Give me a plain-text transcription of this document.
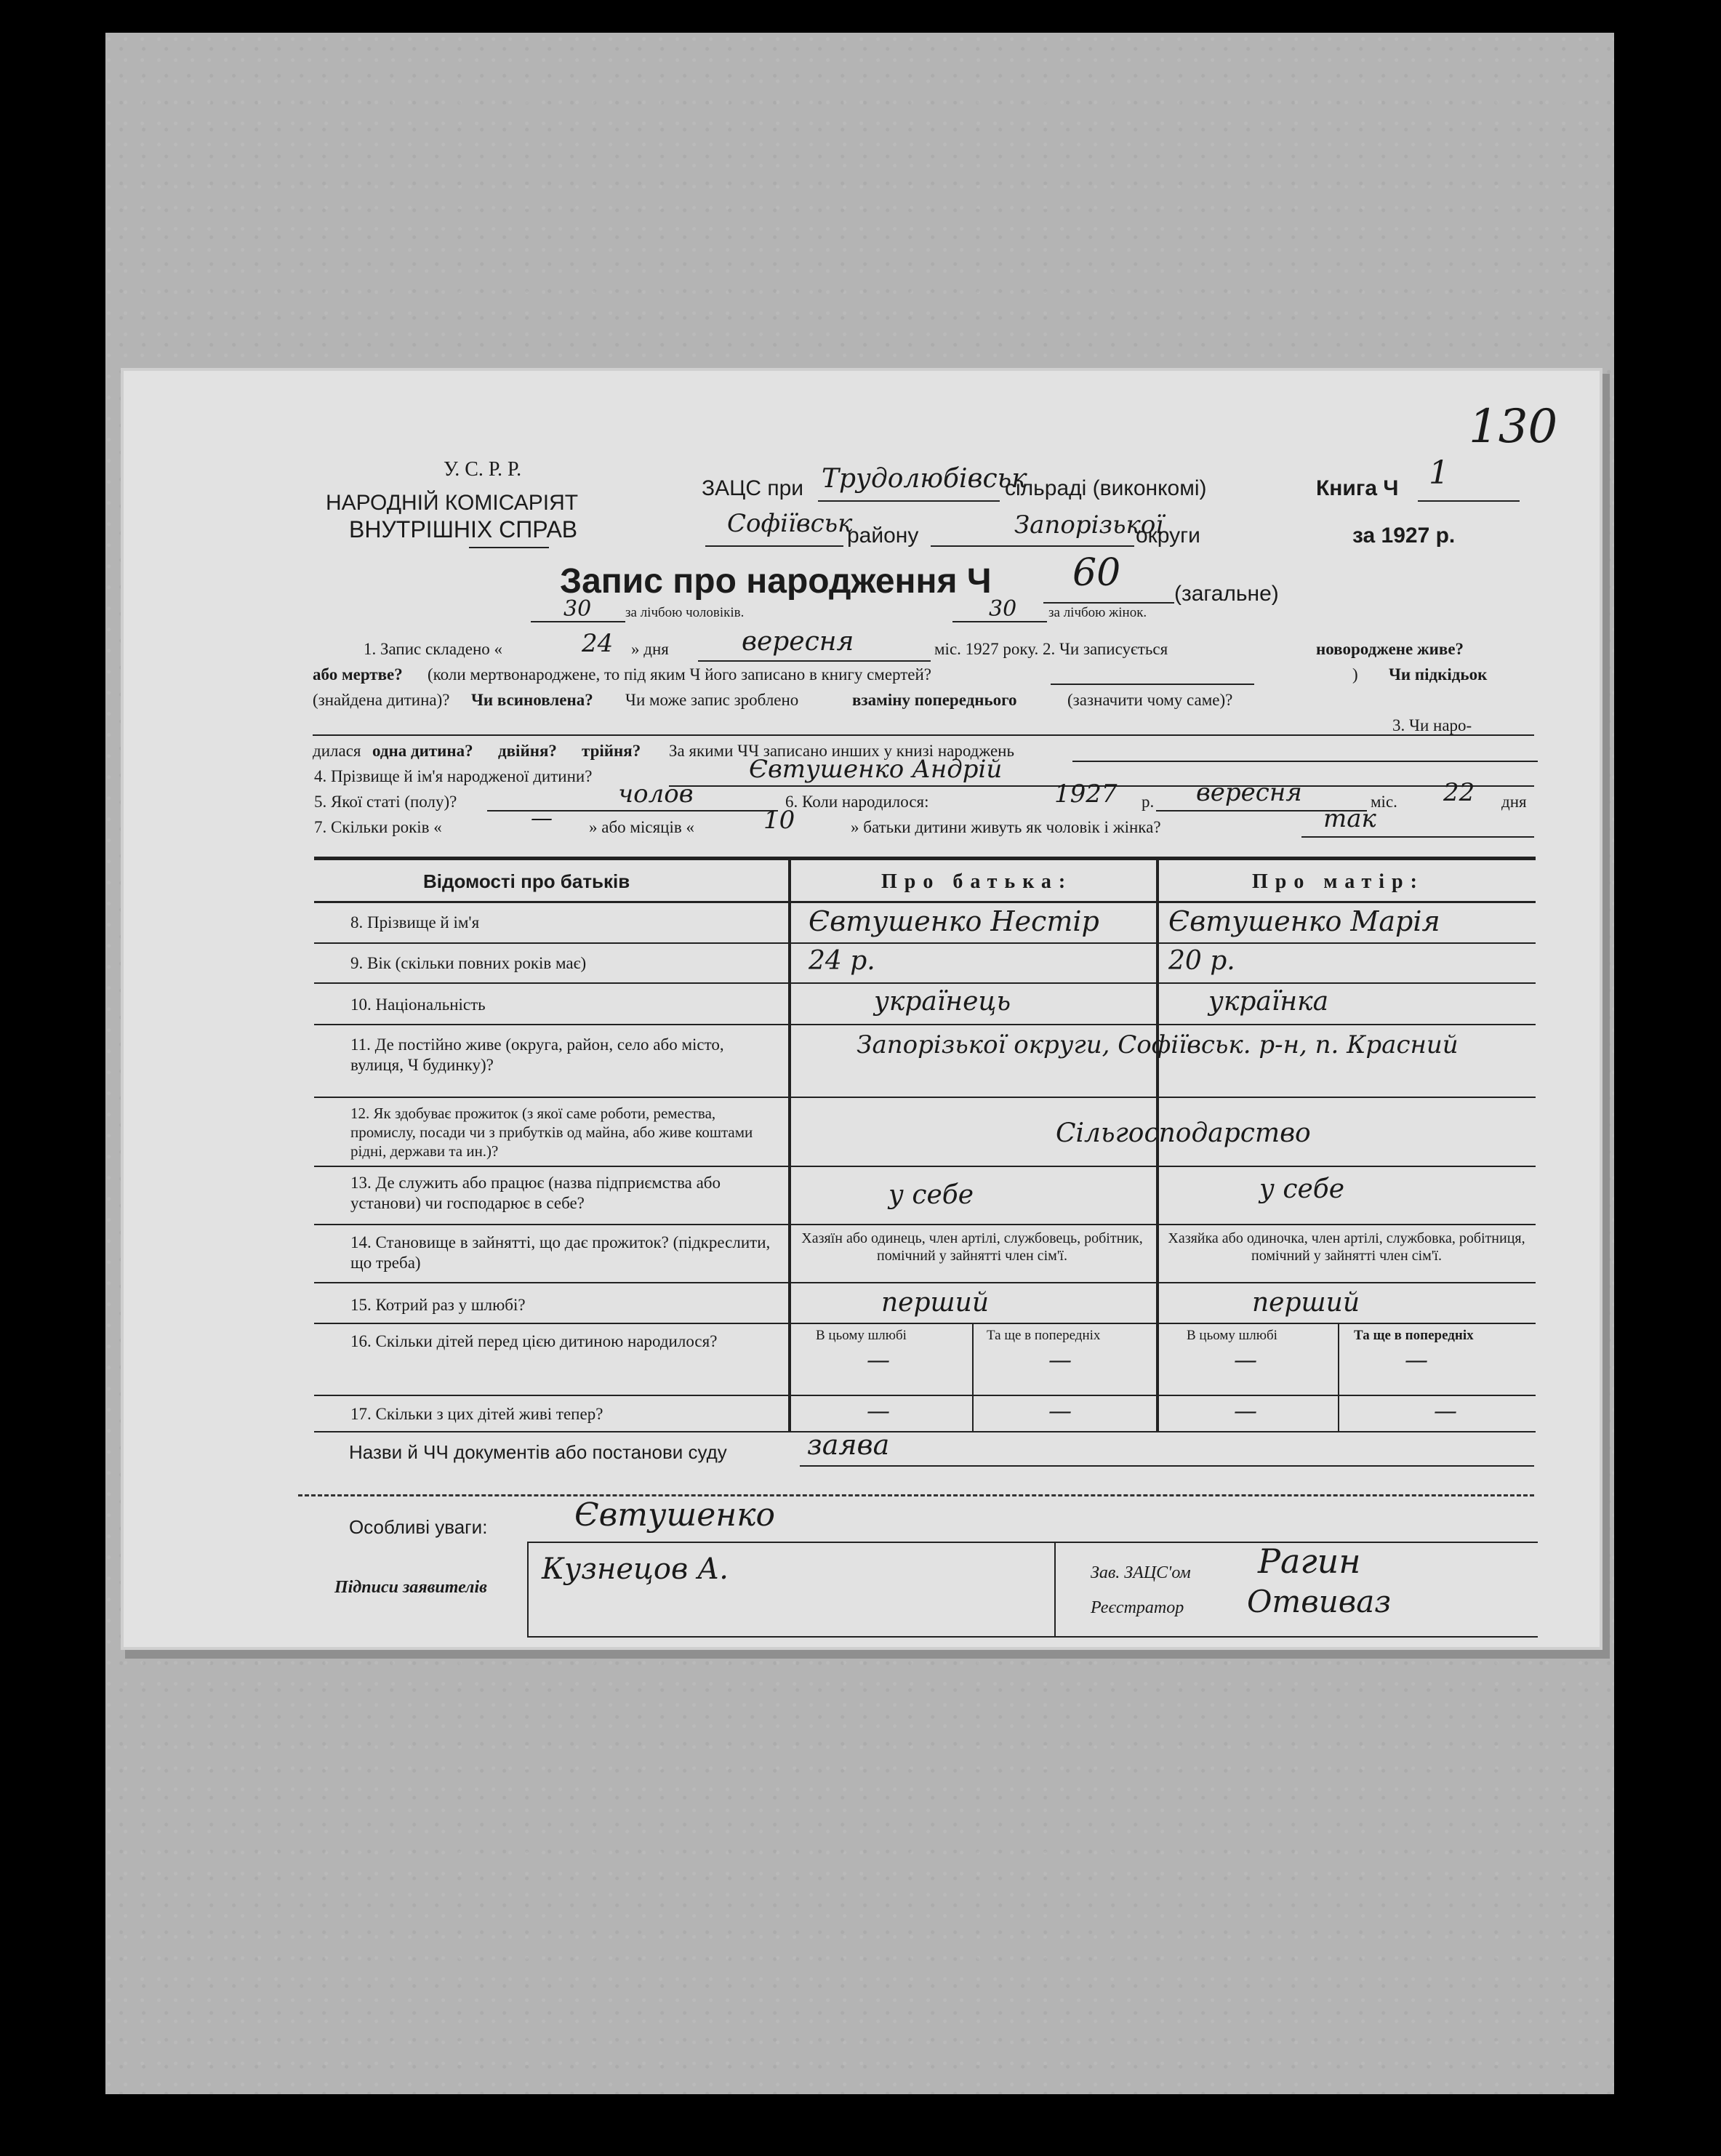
У. С. Р. Р.
НАРОДНІЙ КОМІСАРІЯТ
ВНУТРІШНІХ СПРАВ
ЗАЦС при Трудолюбівськ
сільраді (виконкомі)	Книга Ч 1
130
Софіївськ
району	Запорізької
округи	за 1927 р.
Запис про народження Ч 60 (загальне)
30 за лічбою чоловіків.	30 за лічбою жінок.
1. Запис складено «	24 » дня	вересня	міс. 1927 року. 2. Чи записується	новороджене живе?
або мертве? (коли мертвонароджене, то під яким Ч його записано в книгу смертей?	) Чи підкідьок
(знайдена дитина)? Чи всиновлена? Чи може запис зроблено	взаміну попереднього	(зазначити чому саме)?
3. Чи наро-
дилася одна дитина? двійня? трійня? За якими ЧЧ записано инших у книзі народжень
4. Прізвище й ім'я народженої дитини?	Євтушенко Андрій
5. Якої статі (полу)?	чолов	6. Коли народилося:	1927 р. вересня	міс. 22 дня
7. Скільки років «	— » або місяців «	10	» батьки дитини живуть як чоловік і жінка?	так
Відомості про батьків	Про батька:	Про матір:
8. Прізвище й ім'я	Євтушенко Нестір	Євтушенко Марія
9. Вік (скільки повних років має)	24 р.	20 р.
10. Національність	українець	українка
11. Де постійно живе (округа, район, село або місто, вулиця, Ч будинку)?
Запорізької округи, Софіївськ. р-н, п. Красний
12. Як здобуває прожиток (з якої саме роботи, ремества, промислу, посади чи з прибутків од майна, або живе коштами рідні, держави та ин.)?
Сільгосподарство
13. Де служить або працює (назва підприємства або установи) чи господарює в себе?	у себе	у себе
14. Становище в зайнятті, що дає прожиток? (підкреслити, що треба)
Хазяїн або одинець, член артілі, службовець, робітник, помічний у зайнятті член сім'ї.
Хазяйка або одиночка, член артілі, службовка, робітниця, помічний у зайнятті член сім'ї.
15. Котрий раз у шлюбі?	перший	перший
16. Скільки дітей перед цією дитиною народилося?	В цьому шлюбі	Та ще в попередніх	В цьому шлюбі	Та ще в попередніх
—	—	—	—
17. Скільки з цих дітей живі тепер?	—	—	—	—
Назви й ЧЧ документів або постанови суду	заява
Особливі уваги:	Євтушенко
Підписи заявителів
Кузнецов А.	Зав. ЗАЦС'ом Рагин
Реєстратор Отвиваз
